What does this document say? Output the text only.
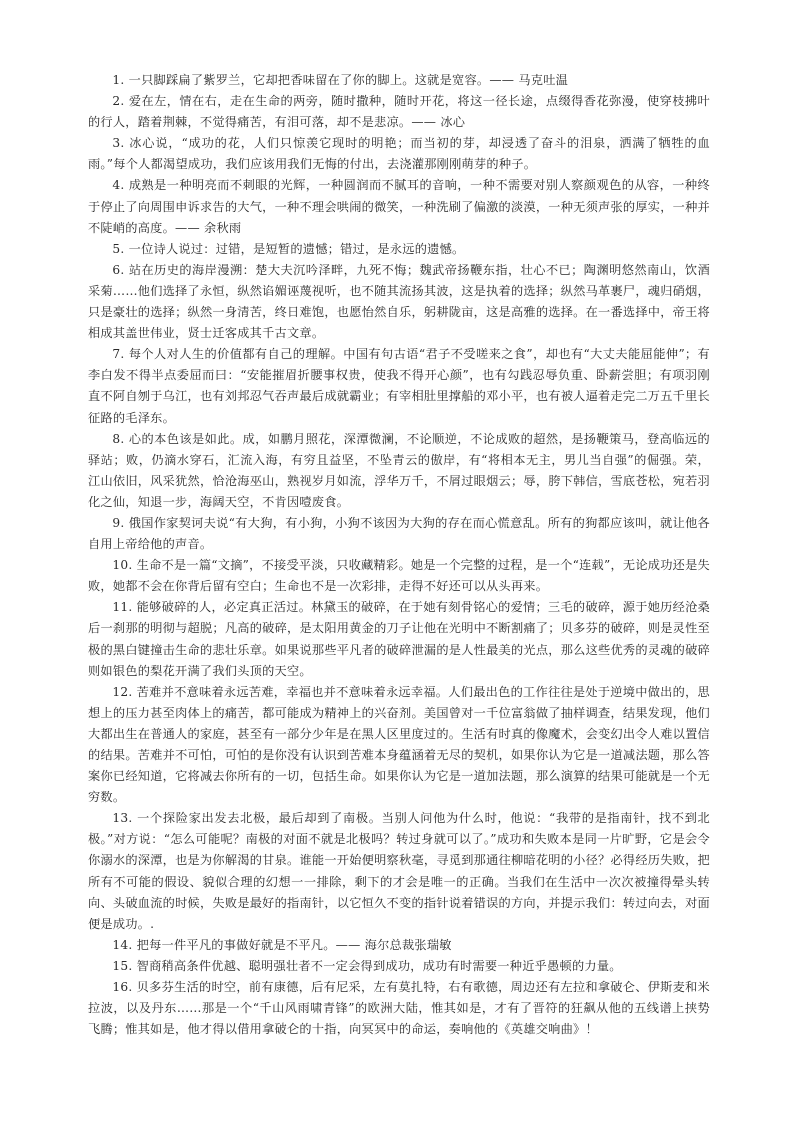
1. 一只脚踩扁了紫罗兰，它却把香味留在了你的脚上。这就是宽容。—— 马克吐温

2. 爱在左，情在右，走在生命的两旁，随时撒种，随时开花，将这一径长途，点缀得香花弥漫，使穿枝拂叶的行人，踏着荆棘，不觉得痛苦，有泪可落，却不是悲凉。—— 冰心

3. 冰心说，“成功的花，人们只惊羡它现时的明艳；而当初的芽，却浸透了奋斗的泪泉，洒满了牺牲的血雨。”每个人都渴望成功，我们应该用我们无悔的付出，去浇灌那刚刚萌芽的种子。

4. 成熟是一种明亮而不刺眼的光辉，一种圆润而不腻耳的音响，一种不需要对别人察颜观色的从容，一种终于停止了向周围申诉求告的大气，一种不理会哄闹的微笑，一种洗刷了偏激的淡漠，一种无须声张的厚实，一种并不陡峭的高度。—— 余秋雨

5. 一位诗人说过：过错，是短暂的遗憾；错过，是永远的遗憾。

6. 站在历史的海岸漫溯：楚大夫沉吟泽畔，九死不悔；魏武帝扬鞭东指，壮心不已；陶渊明悠然南山，饮酒采菊……他们选择了永恒，纵然谄媚诬蔑视听，也不随其流扬其波，这是执着的选择；纵然马革裹尸，魂归硝烟，只是豪壮的选择；纵然一身清苦，终日难饱，也愿怡然自乐，躬耕陇亩，这是高雅的选择。在一番选择中，帝王将相成其盖世伟业，贤士迁客成其千古文章。

7. 每个人对人生的价值都有自己的理解。中国有句古语“君子不受嗟来之食”，却也有“大丈夫能屈能伸”；有李白发不得半点委屈而曰：“安能摧眉折腰事权贵，使我不得开心颜”，也有勾践忍辱负重、卧薪尝胆；有项羽刚直不阿自刎于乌江，也有刘邦忍气吞声最后成就霸业；有宰相肚里撑船的邓小平，也有被人逼着走完二万五千里长征路的毛泽东。

8. 心的本色该是如此。成，如鹏月照花，深潭微澜，不论顺逆，不论成败的超然，是扬鞭策马，登高临远的驿站；败，仍滴水穿石，汇流入海，有穷且益坚，不坠青云的傲岸，有“将相本无主，男儿当自强”的倔强。荣，江山依旧，风采犹然，恰沧海巫山，熟视岁月如流，浮华万千，不屑过眼烟云；辱，胯下韩信，雪底苍松，宛若羽化之仙，知退一步，海阔天空，不肯因噎废食。

9. 俄国作家契诃夫说“有大狗，有小狗，小狗不该因为大狗的存在而心慌意乱。所有的狗都应该叫，就让他各自用上帝给他的声音。

10. 生命不是一篇“文摘”，不接受平淡，只收藏精彩。她是一个完整的过程，是一个“连载”，无论成功还是失败，她都不会在你背后留有空白；生命也不是一次彩排，走得不好还可以从头再来。

11. 能够破碎的人，必定真正活过。林黛玉的破碎，在于她有刻骨铭心的爱情；三毛的破碎，源于她历经沧桑后一刹那的明彻与超脱；凡高的破碎，是太阳用黄金的刀子让他在光明中不断割痛了；贝多芬的破碎，则是灵性至极的黑白键撞击生命的悲壮乐章。如果说那些平凡者的破碎泄漏的是人性最美的光点，那么这些优秀的灵魂的破碎则如银色的梨花开满了我们头顶的天空。

12. 苦难并不意味着永远苦难，幸福也并不意味着永远幸福。人们最出色的工作往往是处于逆境中做出的，思想上的压力甚至肉体上的痛苦，都可能成为精神上的兴奋剂。美国曾对一千位富翁做了抽样调查，结果发现，他们大都出生在普通人的家庭，甚至有一部分少年是在黑人区里度过的。生活有时真的像魔术，会变幻出令人难以置信的结果。苦难并不可怕，可怕的是你没有认识到苦难本身蕴涵着无尽的契机，如果你认为它是一道减法题，那么答案你已经知道，它将减去你所有的一切，包括生命。如果你认为它是一道加法题，那么演算的结果可能就是一个无穷数。

13. 一个探险家出发去北极，最后却到了南极。当别人问他为什么时，他说：“我带的是指南针，找不到北极。”对方说：“怎么可能呢？南极的对面不就是北极吗？转过身就可以了。”成功和失败本是同一片旷野，它是会令你溺水的深潭，也是为你解渴的甘泉。谁能一开始便明察秋毫，寻觅到那通往柳暗花明的小径？必得经历失败，把所有不可能的假设、貌似合理的幻想一一排除，剩下的才会是唯一的正确。当我们在生活中一次次被撞得晕头转向、头破血流的时候，失败是最好的指南针，以它恒久不变的指针说着错误的方向，并提示我们：转过向去，对面便是成功。.

14. 把每一件平凡的事做好就是不平凡。—— 海尔总裁张瑞敏

15. 智商稍高条件优越、聪明强壮者不一定会得到成功，成功有时需要一种近乎愚顿的力量。

16. 贝多芬生活的时空，前有康德，后有尼采，左有莫扎特，右有歌德，周边还有左拉和拿破仑、伊斯麦和米拉波，以及丹东……那是一个“千山风雨啸青锋”的欧洲大陆，惟其如是，才有了晋符的狂飙从他的五线谱上挟势飞腾；惟其如是，他才得以借用拿破仑的十指，向冥冥中的命运，奏响他的《英雄交响曲》！
